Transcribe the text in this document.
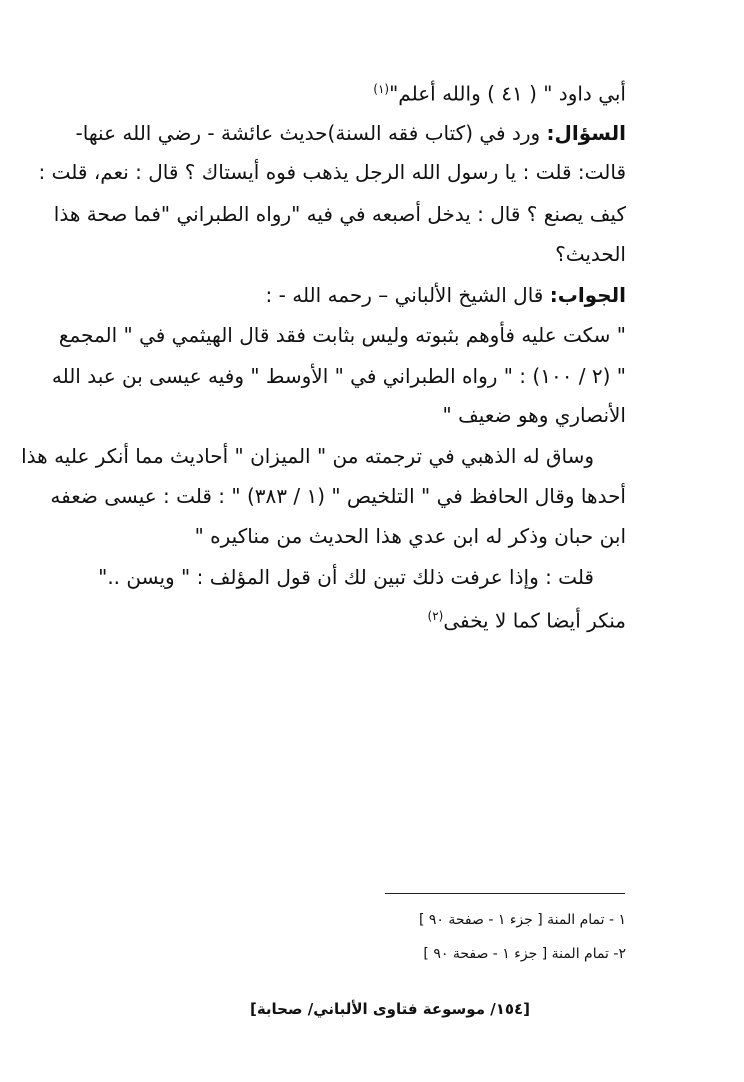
أبي داود " ( ٤١ ) والله أعلم"$^{(١)}$
السؤال: ورد في (كتاب فقه السنة)حديث عائشة - رضي الله عنها-
قالت: قلت : يا رسول الله الرجل يذهب فوه أيستاك ؟ قال : نعم، قلت :
كيف يصنع ؟ قال : يدخل أصبعه في فيه "رواه الطبراني "فما صحة هذا
الحديث؟
الجواب: قال الشيخ الألباني – رحمه الله - :
" سكت عليه فأوهم بثبوته وليس بثابت فقد قال الهيثمي في " المجمع
" (٢ / ١٠٠) : " رواه الطبراني في " الأوسط " وفيه عيسى بن عبد الله
الأنصاري وهو ضعيف "
وساق له الذهبي في ترجمته من " الميزان " أحاديث مما أنكر عليه هذا
أحدها وقال الحافظ في " التلخيص " (١ / ٣٨٣) " : قلت : عيسى ضعفه
ابن حبان وذكر له ابن عدي هذا الحديث من مناكيره "
قلت : وإذا عرفت ذلك تبين لك أن قول المؤلف : " ويسن .."
منكر أيضا كما لا يخفى$^{(٢)}$
١ - تمام المنة [ جزء ١ - صفحة ٩٠ ]
٢- تمام المنة [ جزء ١ - صفحة ٩٠ ]
[١٥٤/ موسوعة فتاوى الألباني/ صحابة]
